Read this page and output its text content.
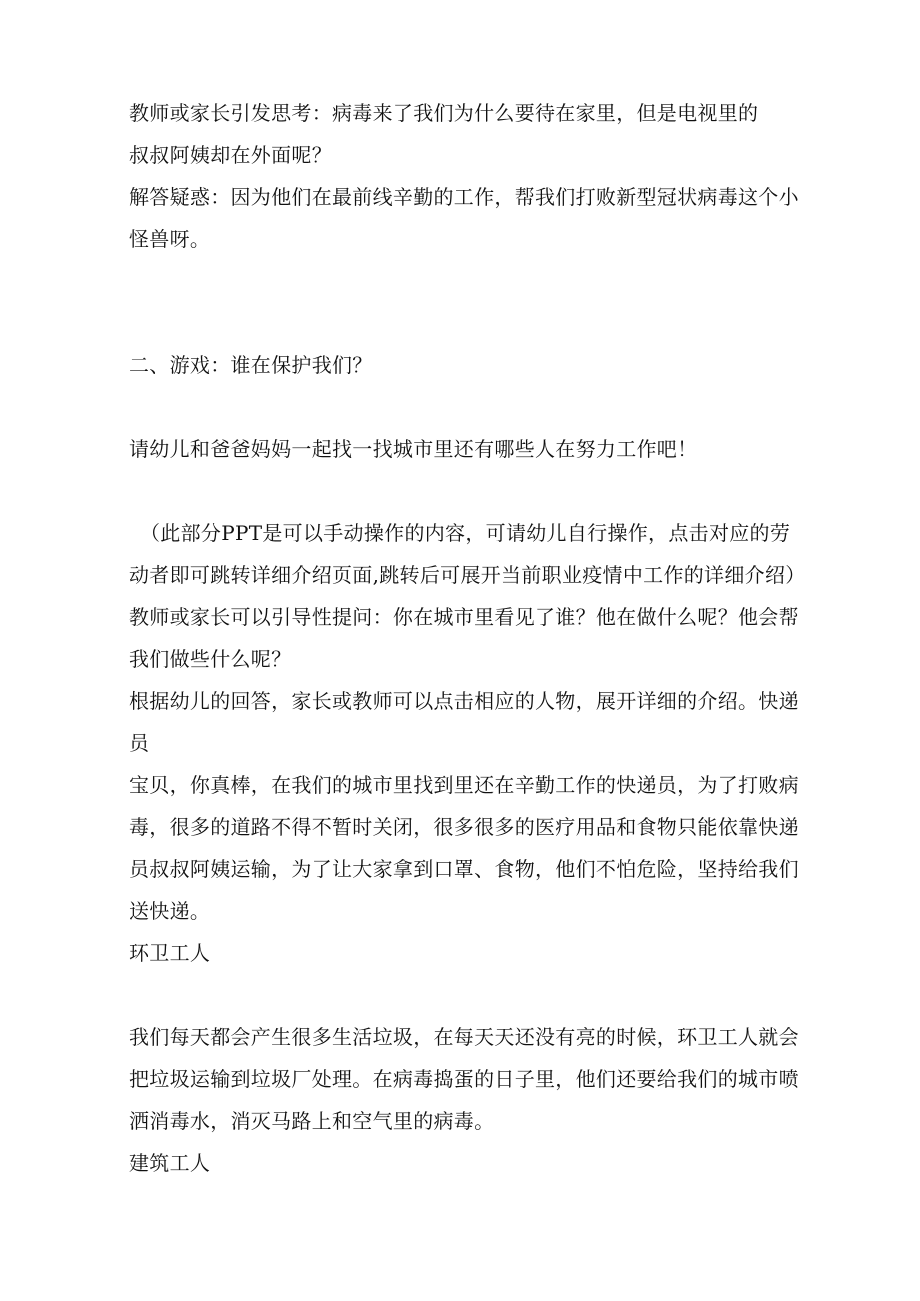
教师或家长引发思考：病毒来了我们为什么要待在家里，但是电视里的
叔叔阿姨却在外面呢？
解答疑惑：因为他们在最前线辛勤的工作，帮我们打败新型冠状病毒这个小
怪兽呀。
二、游戏：谁在保护我们？
请幼儿和爸爸妈妈一起找一找城市里还有哪些人在努力工作吧！
（此部分PPT是可以手动操作的内容，可请幼儿自行操作，点击对应的劳
动者即可跳转详细介绍页面,跳转后可展开当前职业疫情中工作的详细介绍）
教师或家长可以引导性提问：你在城市里看见了谁？他在做什么呢？他会帮
我们做些什么呢？
根据幼儿的回答，家长或教师可以点击相应的人物，展开详细的介绍。快递
员
宝贝，你真棒，在我们的城市里找到里还在辛勤工作的快递员，为了打败病
毒，很多的道路不得不暂时关闭，很多很多的医疗用品和食物只能依靠快递
员叔叔阿姨运输，为了让大家拿到口罩、食物，他们不怕危险，坚持给我们
送快递。
环卫工人
我们每天都会产生很多生活垃圾，在每天天还没有亮的时候，环卫工人就会
把垃圾运输到垃圾厂处理。在病毒捣蛋的日子里，他们还要给我们的城市喷
洒消毒水，消灭马路上和空气里的病毒。
建筑工人
